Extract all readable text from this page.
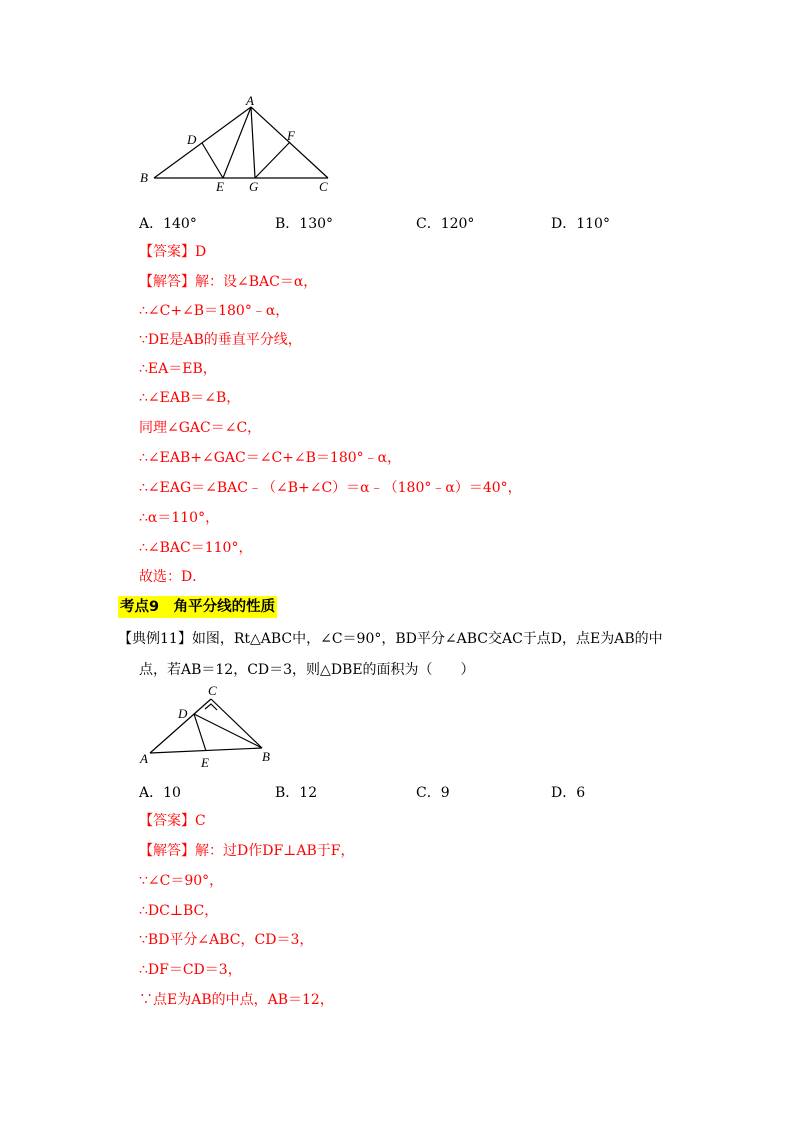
A
B
C
D
E
F
G
A．140°	B．130°	C．120°	D．110°
【答案】D
【解答】解：设∠BAC＝α，
∴∠C+∠B＝180°﹣α，
∵DE是AB的垂直平分线，
∴EA＝EB，
∴∠EAB＝∠B，
同理∠GAC＝∠C，
∴∠EAB+∠GAC＝∠C+∠B＝180°﹣α，
∴∠EAG＝∠BAC﹣（∠B+∠C）＝α﹣（180°﹣α）＝40°，
∴α＝110°，
∴∠BAC＝110°，
故选：D．
考点9　角平分线的性质
【典例11】如图，Rt△ABC中，∠C＝90°，BD平分∠ABC交AC于点D，点E为AB的中
点，若AB＝12，CD＝3，则△DBE的面积为（　　）
C
D
A	E	B
A．10	B．12	C．9	D．6
【答案】C
【解答】解：过D作DF⊥AB于F，
∵∠C＝90°，
∴DC⊥BC，
∵BD平分∠ABC，CD＝3，
∴DF＝CD＝3，
∵点E为AB的中点，AB＝12，
